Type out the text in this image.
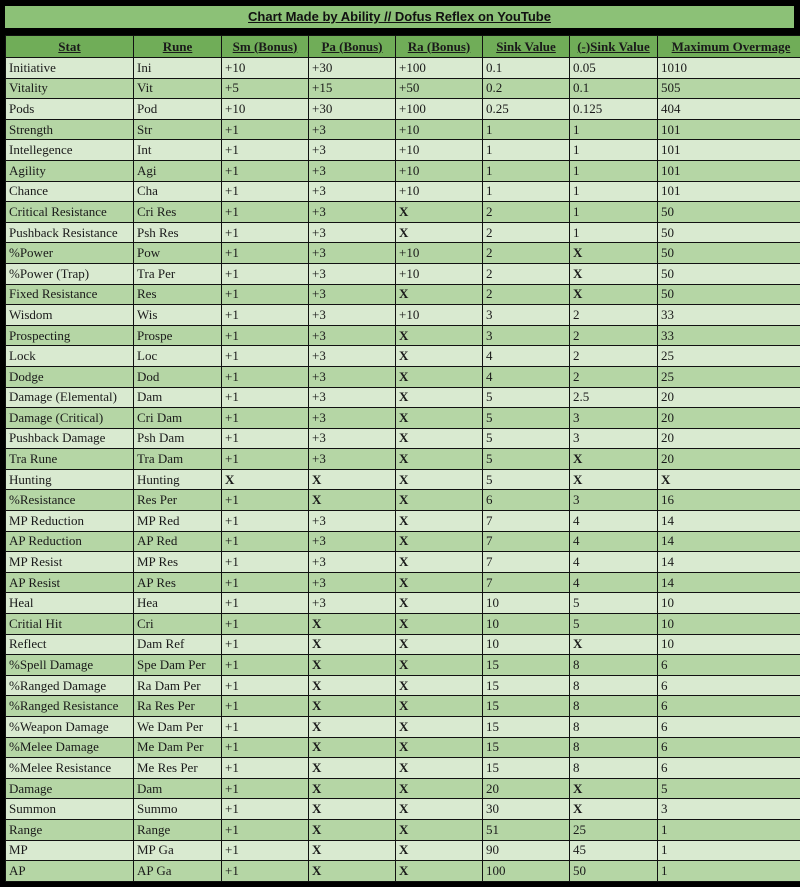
Chart Made by Ability // Dofus Reflex on YouTube
Stat	Rune	Sm (Bonus)	Pa (Bonus)	Ra (Bonus)	Sink Value	(-)Sink Value	Maximum Overmage
Initiative	Ini	+10	+30	+100	0.1	0.05	1010
Vitality	Vit	+5	+15	+50	0.2	0.1	505
Pods	Pod	+10	+30	+100	0.25	0.125	404
Strength	Str	+1	+3	+10	1	1	101
Intellegence	Int	+1	+3	+10	1	1	101
Agility	Agi	+1	+3	+10	1	1	101
Chance	Cha	+1	+3	+10	1	1	101
Critical Resistance	Cri Res	+1	+3	X	2	1	50
Pushback Resistance	Psh Res	+1	+3	X	2	1	50
%Power	Pow	+1	+3	+10	2	X	50
%Power (Trap)	Tra Per	+1	+3	+10	2	X	50
Fixed Resistance	Res	+1	+3	X	2	X	50
Wisdom	Wis	+1	+3	+10	3	2	33
Prospecting	Prospe	+1	+3	X	3	2	33
Lock	Loc	+1	+3	X	4	2	25
Dodge	Dod	+1	+3	X	4	2	25
Damage (Elemental)	Dam	+1	+3	X	5	2.5	20
Damage (Critical)	Cri Dam	+1	+3	X	5	3	20
Pushback Damage	Psh Dam	+1	+3	X	5	3	20
Tra Rune	Tra Dam	+1	+3	X	5	X	20
Hunting	Hunting	X	X	X	5	X	X
%Resistance	Res Per	+1	X	X	6	3	16
MP Reduction	MP Red	+1	+3	X	7	4	14
AP Reduction	AP Red	+1	+3	X	7	4	14
MP Resist	MP Res	+1	+3	X	7	4	14
AP Resist	AP Res	+1	+3	X	7	4	14
Heal	Hea	+1	+3	X	10	5	10
Critial Hit	Cri	+1	X	X	10	5	10
Reflect	Dam Ref	+1	X	X	10	X	10
%Spell Damage	Spe Dam Per	+1	X	X	15	8	6
%Ranged Damage	Ra Dam Per	+1	X	X	15	8	6
%Ranged Resistance	Ra Res Per	+1	X	X	15	8	6
%Weapon Damage	We Dam Per	+1	X	X	15	8	6
%Melee Damage	Me Dam Per	+1	X	X	15	8	6
%Melee Resistance	Me Res Per	+1	X	X	15	8	6
Damage	Dam	+1	X	X	20	X	5
Summon	Summo	+1	X	X	30	X	3
Range	Range	+1	X	X	51	25	1
MP	MP Ga	+1	X	X	90	45	1
AP	AP Ga	+1	X	X	100	50	1
